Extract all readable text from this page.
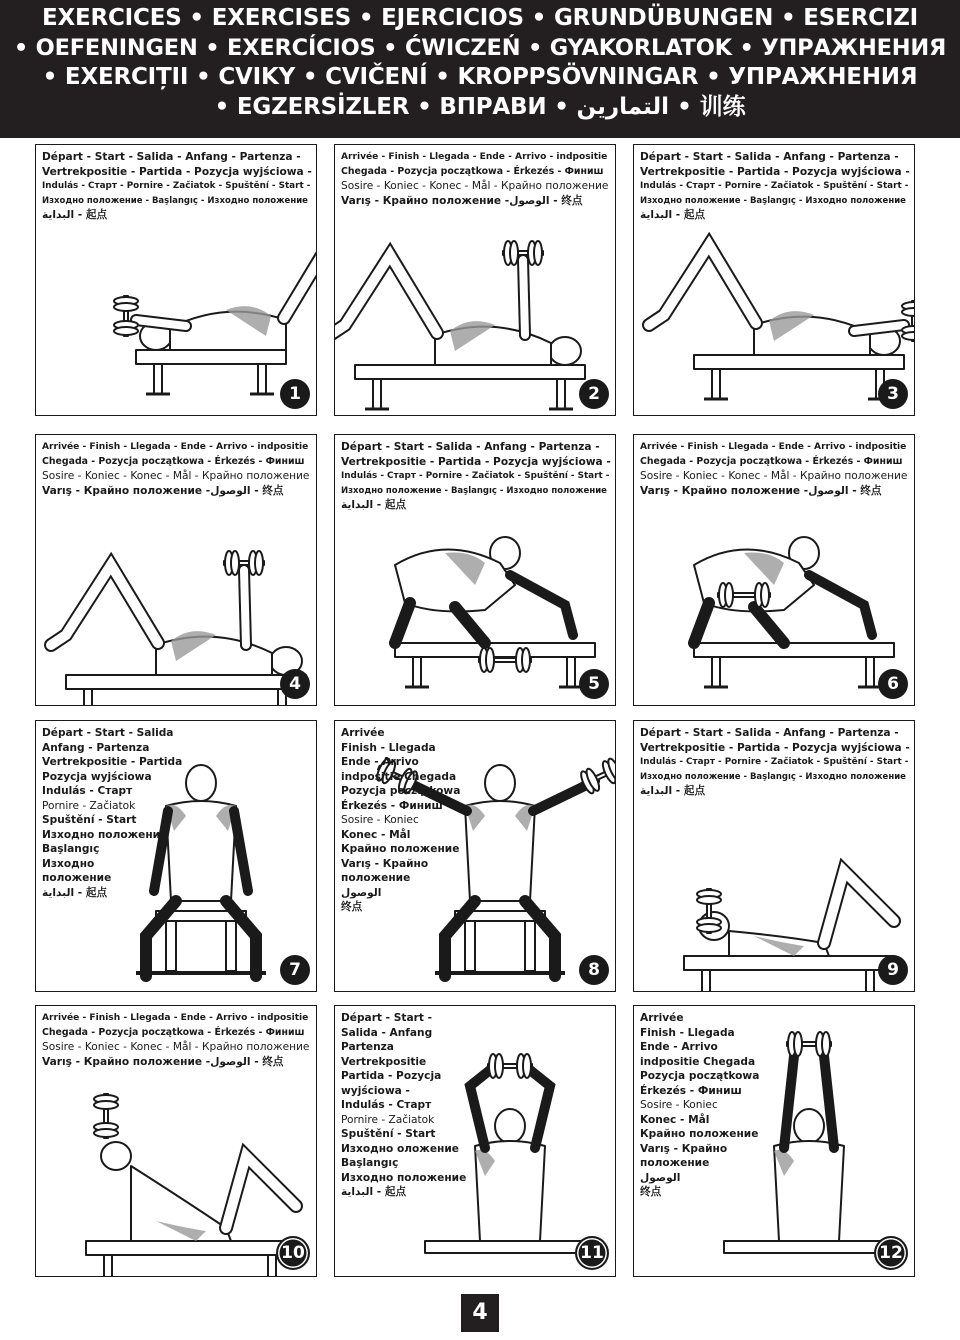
EXERCICES • EXERCISES • EJERCICIOS • GRUNDÜBUNGEN • ESERCIZI
• OEFENINGEN • EXERCÍCIOS • ĆWICZEŃ • GYAKORLATOK • УПРАЖНЕНИЯ
• EXERCIȚII • CVIKY • CVIČENÍ • KROPPSÖVNINGAR • УПРАЖНЕНИЯ
• EGZERSİZLER • ВПРАВИ • التمارين • 训练
Départ - Start - Salida - Anfang - Partenza -
Vertrekpositie - Partida - Pozycja wyjściowa -
Indulás - Старт - Pornire - Začiatok - Spuštění - Start -
Изходно положение - Başlangıç - Изходно положение
البداية - 起点
1
Arrivée - Finish - Llegada - Ende - Arrivo - indpositie
Chegada - Pozycja początkowa - Érkezés - Финиш
Sosire - Koniec - Konec - Mål - Крайно положение
Varış - Крайно положение -الوصول - 终点
2
Départ - Start - Salida - Anfang - Partenza -
Vertrekpositie - Partida - Pozycja wyjściowa -
Indulás - Старт - Pornire - Začiatok - Spuštění - Start -
Изходно положение - Başlangıç - Изходно положение
البداية - 起点
3
Arrivée - Finish - Llegada - Ende - Arrivo - indpositie
Chegada - Pozycja początkowa - Érkezés - Финиш
Sosire - Koniec - Konec - Mål - Крайно положение
Varış - Крайно положение -الوصول - 终点
4
Départ - Start - Salida - Anfang - Partenza -
Vertrekpositie - Partida - Pozycja wyjściowa -
Indulás - Старт - Pornire - Začiatok - Spuštění - Start -
Изходно положение - Başlangıç - Изходно положение
البداية - 起点
5
Arrivée - Finish - Llegada - Ende - Arrivo - indpositie
Chegada - Pozycja początkowa - Érkezés - Финиш
Sosire - Koniec - Konec - Mål - Крайно положение
Varış - Крайно положение -الوصول - 终点
6
Départ - Start - Salida
Anfang - Partenza
Vertrekpositie - Partida
Pozycja wyjściowa
Indulás - Старт
Pornire - Začiatok
Spuštění - Start
Изходно положение
Başlangıç
Изходно
положение
البداية - 起点
7
Arrivée
Finish - Llegada
Ende - Arrivo
indpositie Chegada
Pozycja początkowa
Érkezés - Финиш
Sosire - Koniec
Konec - Mål
Крайно положение
Varış - Крайно
положение
الوصول
终点
8
Départ - Start - Salida - Anfang - Partenza -
Vertrekpositie - Partida - Pozycja wyjściowa -
Indulás - Старт - Pornire - Začiatok - Spuštění - Start -
Изходно положение - Başlangıç - Изходно положение
البداية - 起点
9
Arrivée - Finish - Llegada - Ende - Arrivo - indpositie
Chegada - Pozycja początkowa - Érkezés - Финиш
Sosire - Koniec - Konec - Mål - Крайно положение
Varış - Крайно положение -الوصول - 终点
10
Départ - Start -
Salida - Anfang
Partenza
Vertrekpositie
Partida - Pozycja
wyjściowa -
Indulás - Старт
Pornire - Začiatok
Spuštění - Start
Изходно оложение
Başlangıç
Изходно положение
البداية - 起点
11
Arrivée
Finish - Llegada
Ende - Arrivo
indpositie Chegada
Pozycja początkowa
Érkezés - Финиш
Sosire - Koniec
Konec - Mål
Крайно положение
Varış - Крайно
положение
الوصول
终点
12
4
